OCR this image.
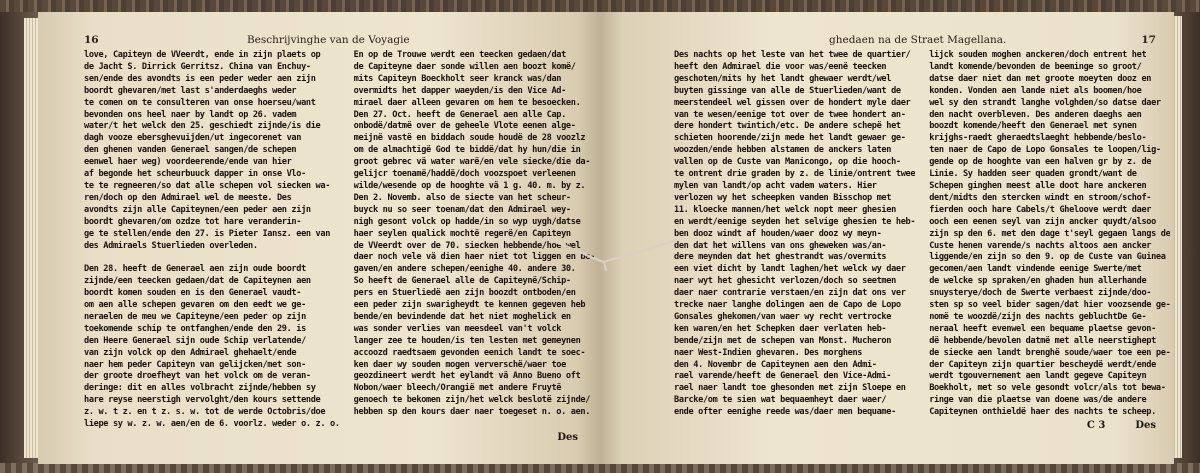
16	Beschrijvinghe van de Voyagie
love, Capiteyn de VVeerdt, ende in zijn plaets op
de Jacht S. Dirrick Gerritsz. China van Enchuy-
sen/ende des avondts is een peder weder aen zijn
boordt ghevaren/met last s'anderdaeghs weder
te comen om te consulteren van onse hoerseu/want
bevonden ons heel naer by landt op 26. vadem
water/t het welck den 25. geschiedt zijnde/is die
dagh vooze ebersghevuijden/ut ingecorenet van
den ghenen vanden Generael sangen/de schepen
eenwel haer weg) voordeerende/ende van hier
af begonde het scheurbuuck dapper in onse Vlo-
te te regneeren/so dat alle schepen vol siecken wa-
ren/doch op den Admirael wel de meeste. Des
avondts zijn alle Capiteynen/een peder aen zijn
boordt ghevaren/om ozdze tot hare veranderin-
ge te stellen/ende den 27. is Pieter Iansz. een van
des Admiraels Stuerlieden overleden.

Den 28. heeft de Generael aen zijn oude boordt
zijnde/een teecken gedaen/dat de Capiteynen aen
boordt komen souden en is den Generael vaudt-
om aen alle schepen gevaren om den eedt we ge-
neraelen de meu we Capiteyne/een peder op zijn
toekomende schip te ontfanghen/ende den 29. is
den Heere Generael sijn oude Schip verlatende/
van zijn volck op den Admirael ghehaelt/ende
naer hem peder Capiteyn van gelijcken/met son-
der groote droefheyt van het volck om de veran-
deringe: dit en alles volbracht zijnde/hebben sy
hare reyse neerstigh vervolght/den kours settende
z. w. t z. en t z. s. w. tot de werde Octobris/doe
liepe sy w. z. w. aen/en de 6. voorlz. weder o. z. o.
En op de Trouwe werdt een teecken gedaen/dat
de Capiteyne daer sonde willen aen boozt komë/
mits Capiteyn Boeckholt seer kranck was/dan
overmidts het dapper waeyden/is den Vice Ad-
mirael daer alleen gevaren om hem te besoecken.
Den 27. Oct. heeft de Generael aen alle Cap.
onbodë/datmë over de geheele Vlote eenen alge-
meijnë vastë en biddach soude houdë de 28 voozlz
om de almachtigë God te biddë/dat hy hun/die in
groot gebrec vä water warë/en vele siecke/die da-
gelijcr toenamë/haddë/doch voozspoet verleenen
wilde/wesende op de hooghte vä 1 g. 40. m. by z.
Den 2. Novemb. also de siecte van het scheur-
buyck nu so seer toenam/dat den Admirael wey-
nigh gesont volck op hadde/in so wyp uygh/datse
haer seylen qualick mochtë regerë/en Capiteyn
de VVeerdt over de 70. siecken hebbende/hoe wel
daer noch vele vä dien haer niet tot liggen en be-
gaven/en andere schepen/eenighe 40. andere 30.
So heeft de Generael alle de Capiteynë/Schip-
pers en Stuerliedë aen zijn boozdt ontboden/en
een peder zijn swarigheydt te kennen gegeven heb
bende/en bevindende dat het niet moghelick en
was sonder verlies van meesdeel van't volck
langer zee te houden/is ten lesten met gemeynen
accoozd raedtsaem gevonden eenich landt te soec-
ken daer wy souden mogen ververschë/waer toe
geozdineert werdt het eylandt vä Anno Bueno oft
Nobon/waer bleech/Orangië met andere Fruytë
genoech te bekomen zijn/het welck beslotë zijnde/
hebben sp den kours daer naer toegeset n. o. aen.
Des
ghedaen na de Straet Magellana.	17
Des nachts op het leste van het twee de quartier/
heeft den Admirael die voor was/eenë teecken
geschoten/mits hy het landt ghewaer werdt/wel
buyten gissinge van alle de Stuerlieden/want de
meerstendeel wel gissen over de hondert myle daer
van te wesen/eenige tot over de twee hondert an-
dere hondert twintich/etc. De andere schepë het
schieten hoorende/zijn mede het landt gewaer ge-
woozden/ende hebben alstamen de anckers laten
vallen op de Custe van Manicongo, op die hooch-
te ontrent drie graden by z. de linie/ontrent twee
mylen van landt/op acht vadem waters. Hier
verlozen wy het scheepken vanden Bisschop met
11. kloecke mannen/het welck nopt meer ghesien
en werdt/eenige seyden het selvige ghesien te heb-
ben dooz windt af houden/waer dooz wy meyn-
den dat het willens van ons gheweken was/an-
dere meynden dat het ghestrandt was/overmits
een viet dicht by landt laghen/het welck wy daer
naer wyt het ghesicht verlozen/doch so seetmen
daer naer contrarie verstaen/en zijn dat ons ver
trecke naer langhe dolingen aen de Capo de Lopo
Gonsales ghekomen/van waer wy recht vertrocke
ken waren/en het Schepken daer verlaten heb-
bende/zijn met de schepen van Monst. Mucheron
naer West-Indien ghevaren. Des morghens
den 4. Novembr de Capiteynen aen den Admi-
rael varende/heeft de Generael den Vice-Admi-
rael naer landt toe ghesonden met zijn Sloepe en
Barcke/om te sien wat bequaemheyt daer waer/
ende ofter eenighe reede was/daer men bequame-
lijck souden moghen anckeren/doch entrent het
landt komende/bevonden de beeminge so groot/
datse daer niet dan met groote moeyten dooz en
konden. Vonden aen lande niet als boomen/hoe
wel sy den strandt langhe volghden/so datse daer
den nacht overbleven. Des anderen daeghs aen
boozdt komende/heeft den Generael met synen
krijghs-raedt gheraedtslaeght hebbende/beslo-
ten naer de Capo de Lopo Gonsales te loopen/lig-
gende op de hooghte van een halven gr by z. de
Linie. Sy hadden seer quaden grondt/want de
Schepen ginghen meest alle doot hare anckeren
dent/midts den stercken windt en stroom/schof-
fierden ooch hare Cabels/t Gheloove werdt daer
ooch een eenen seyl van zijn ancker quydt/alsoo
zijn sp den 6. met den dage t'seyl gegaen langs de
Custe henen varende/s nachts altoos aen ancker
liggende/en zijn so den 9. op de Custe van Guinea
gecomen/aen landt vindende eenige Swerte/met
de welcke sp spraken/en ghaden hun allerhande
snuysterye/doch de Swerte verbaest zijnde/doo-
sten sp so veel bider sagen/dat hier voozsende ge-
nomë te woozdë/zijn des nachts gebluchtDe Ge-
neraal heeft evenwel een bequame plaetse gevon-
dë hebbende/bevolen datmë met alle neerstighept
de siecke aen landt brenghë soude/waer toe een pe-
der Capiteyn zijn quartier bescheydë werdt/ende
werdt tgouvernement aen landt gegeve Capiteyn
Boekholt, met so vele gesondt volcr/als tot bewa-
ringe van die plaetse van doene was/de andere
Capiteynen onthieldë haer des nachts te scheep.
C 3	Des
